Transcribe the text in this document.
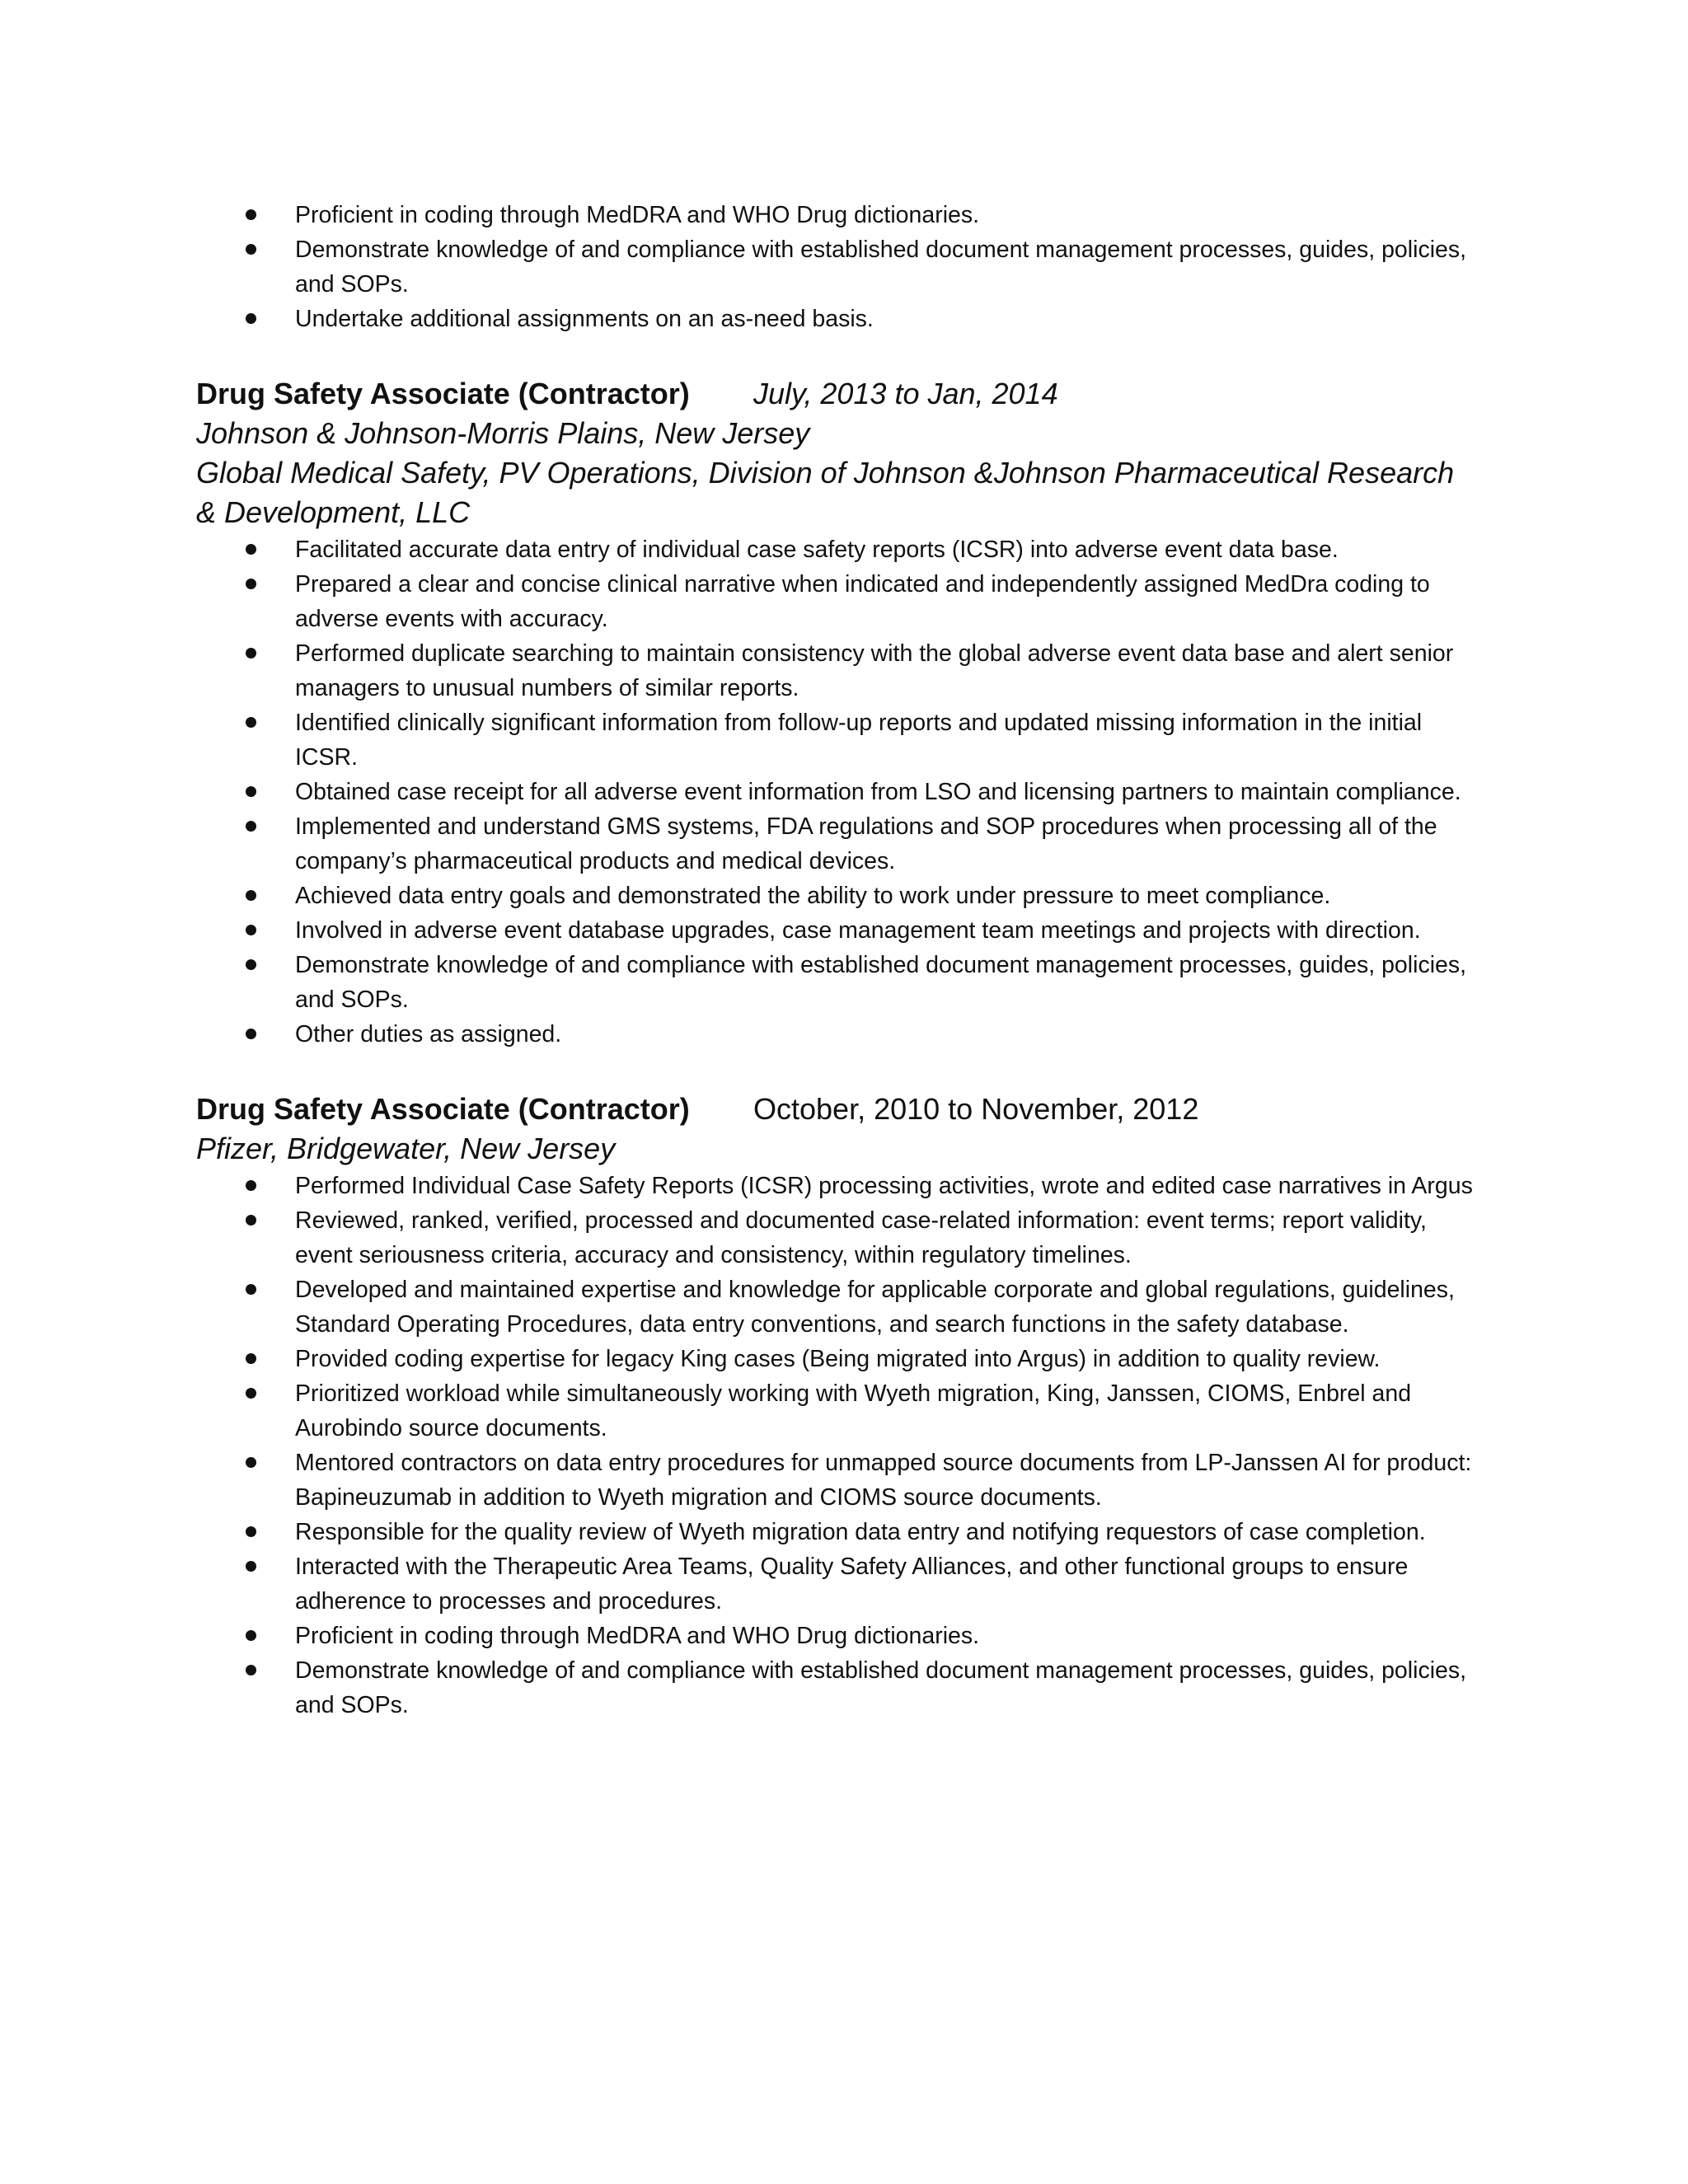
Proficient in coding through MedDRA and WHO Drug dictionaries.
Demonstrate knowledge of and compliance with established document management processes, guides, policies, and SOPs.
Undertake additional assignments on an as-need basis.
Drug Safety Associate (Contractor) July, 2013 to Jan, 2014
Johnson & Johnson-Morris Plains, New Jersey
Global Medical Safety, PV Operations, Division of Johnson &Johnson Pharmaceutical Research & Development, LLC
Facilitated accurate data entry of individual case safety reports (ICSR) into adverse event data base.
Prepared a clear and concise clinical narrative when indicated and independently assigned MedDra coding to adverse events with accuracy.
Performed duplicate searching to maintain consistency with the global adverse event data base and alert senior managers to unusual numbers of similar reports.
Identified clinically significant information from follow-up reports and updated missing information in the initial ICSR.
Obtained case receipt for all adverse event information from LSO and licensing partners to maintain compliance.
Implemented and understand GMS systems, FDA regulations and SOP procedures when processing all of the company’s pharmaceutical products and medical devices.
Achieved data entry goals and demonstrated the ability to work under pressure to meet compliance.
Involved in adverse event database upgrades, case management team meetings and projects with direction.
Demonstrate knowledge of and compliance with established document management processes, guides, policies, and SOPs.
Other duties as assigned.
Drug Safety Associate (Contractor) October, 2010 to November, 2012
Pfizer, Bridgewater, New Jersey
Performed Individual Case Safety Reports (ICSR) processing activities, wrote and edited case narratives in Argus
Reviewed, ranked, verified, processed and documented case-related information: event terms; report validity, event seriousness criteria, accuracy and consistency, within regulatory timelines.
Developed and maintained expertise and knowledge for applicable corporate and global regulations, guidelines, Standard Operating Procedures, data entry conventions, and search functions in the safety database.
Provided coding expertise for legacy King cases (Being migrated into Argus) in addition to quality review.
Prioritized workload while simultaneously working with Wyeth migration, King, Janssen, CIOMS, Enbrel and Aurobindo source documents.
Mentored contractors on data entry procedures for unmapped source documents from LP-Janssen AI for product: Bapineuzumab in addition to Wyeth migration and CIOMS source documents.
Responsible for the quality review of Wyeth migration data entry and notifying requestors of case completion.
Interacted with the Therapeutic Area Teams, Quality Safety Alliances, and other functional groups to ensure adherence to processes and procedures.
Proficient in coding through MedDRA and WHO Drug dictionaries.
Demonstrate knowledge of and compliance with established document management processes, guides, policies, and SOPs.
